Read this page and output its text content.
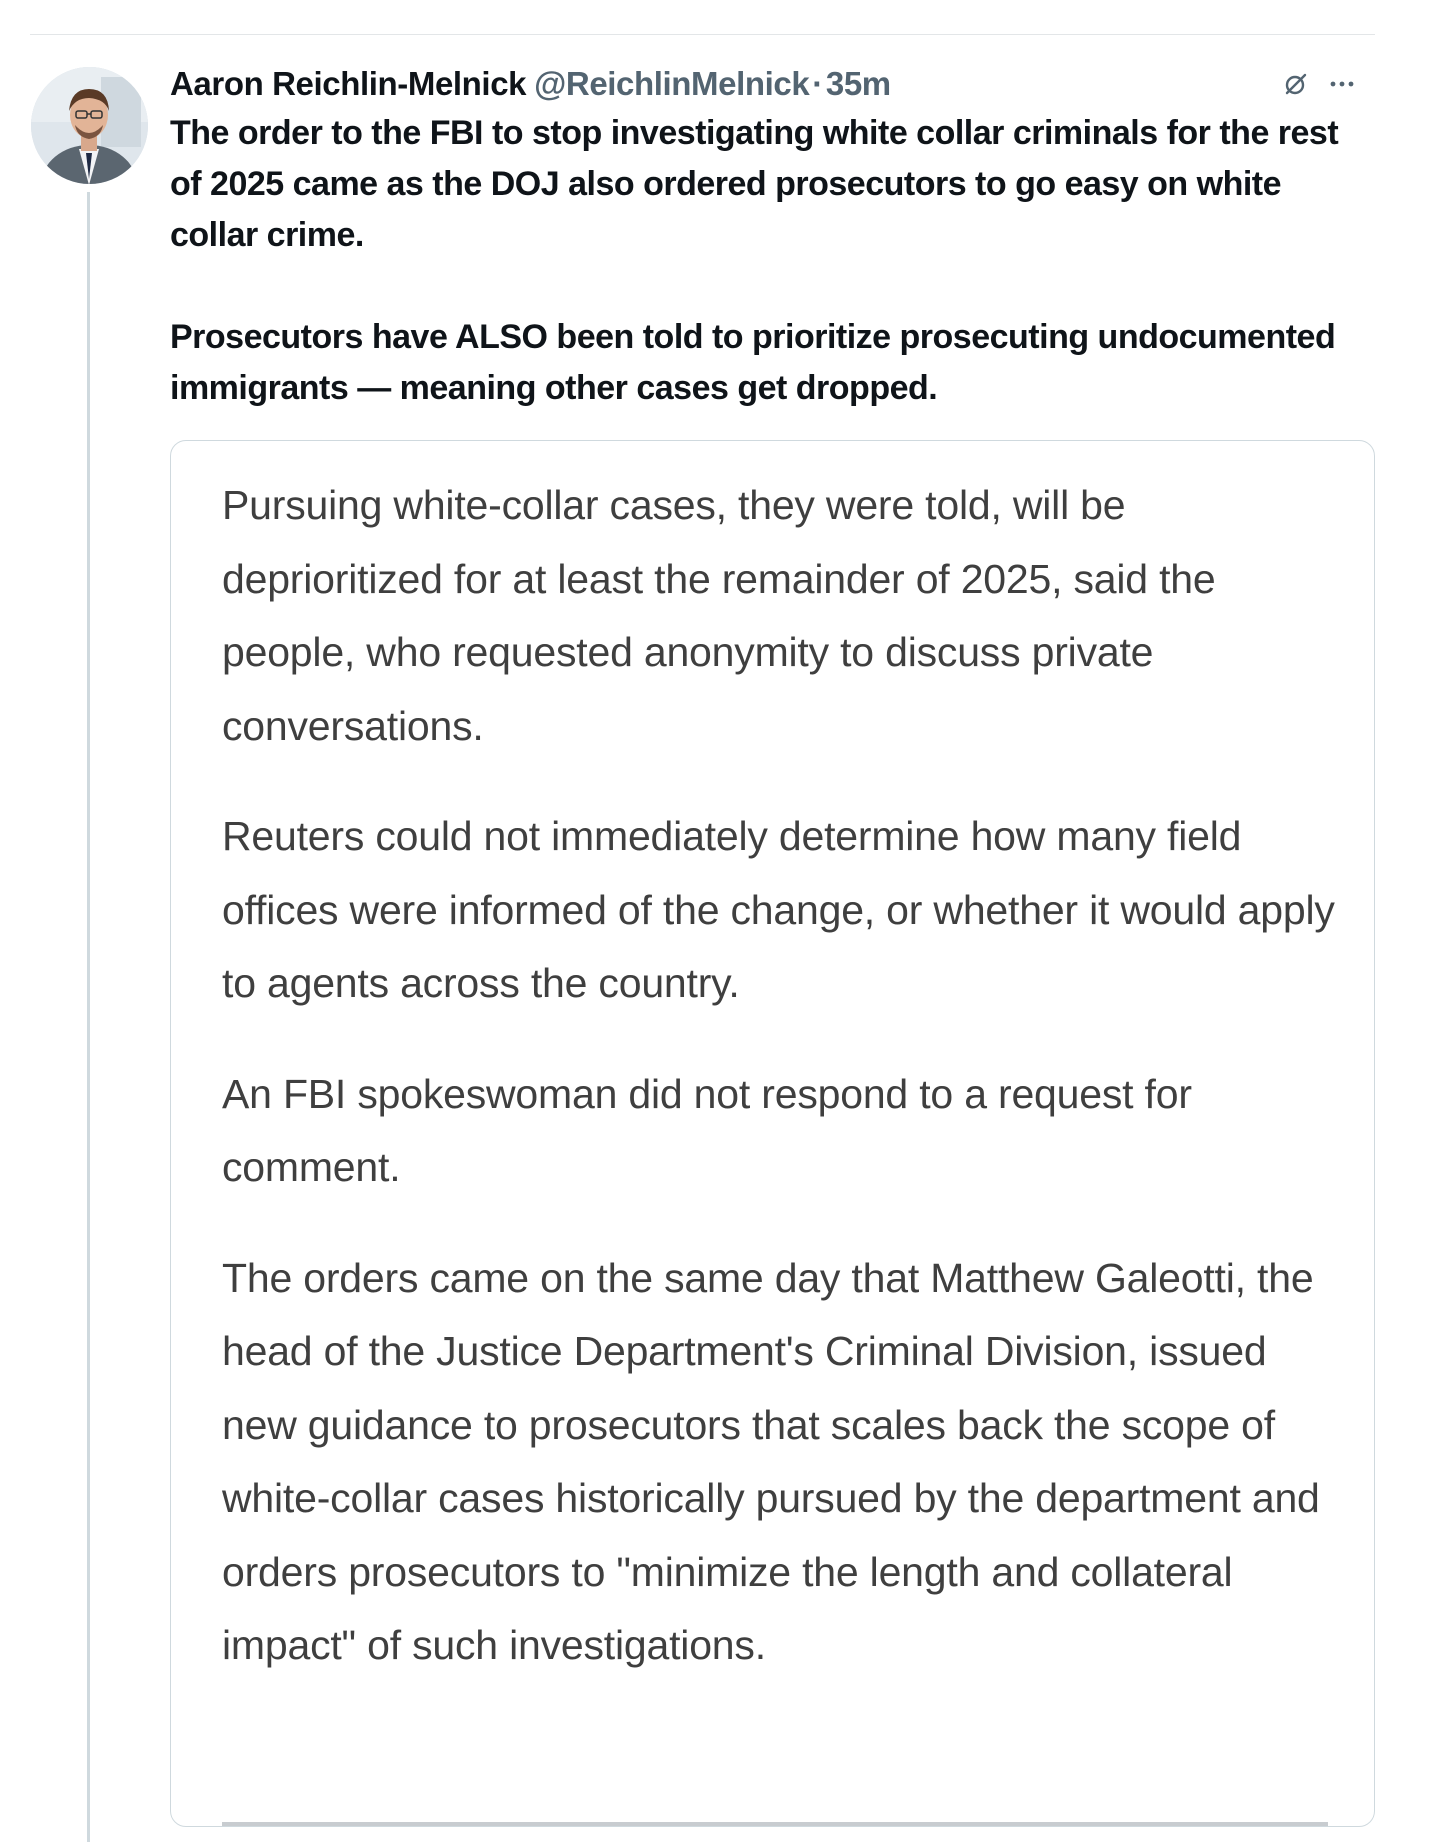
Aaron Reichlin-Melnick @ReichlinMelnick · 35m

The order to the FBI to stop investigating white collar criminals for the rest of 2025 came as the DOJ also ordered prosecutors to go easy on white collar crime.

Prosecutors have ALSO been told to prioritize prosecuting undocumented immigrants — meaning other cases get dropped.

Pursuing white-collar cases, they were told, will be deprioritized for at least the remainder of 2025, said the people, who requested anonymity to discuss private conversations.

Reuters could not immediately determine how many field offices were informed of the change, or whether it would apply to agents across the country.

An FBI spokeswoman did not respond to a request for comment.

The orders came on the same day that Matthew Galeotti, the head of the Justice Department's Criminal Division, issued new guidance to prosecutors that scales back the scope of white-collar cases historically pursued by the department and orders prosecutors to "minimize the length and collateral impact" of such investigations.
